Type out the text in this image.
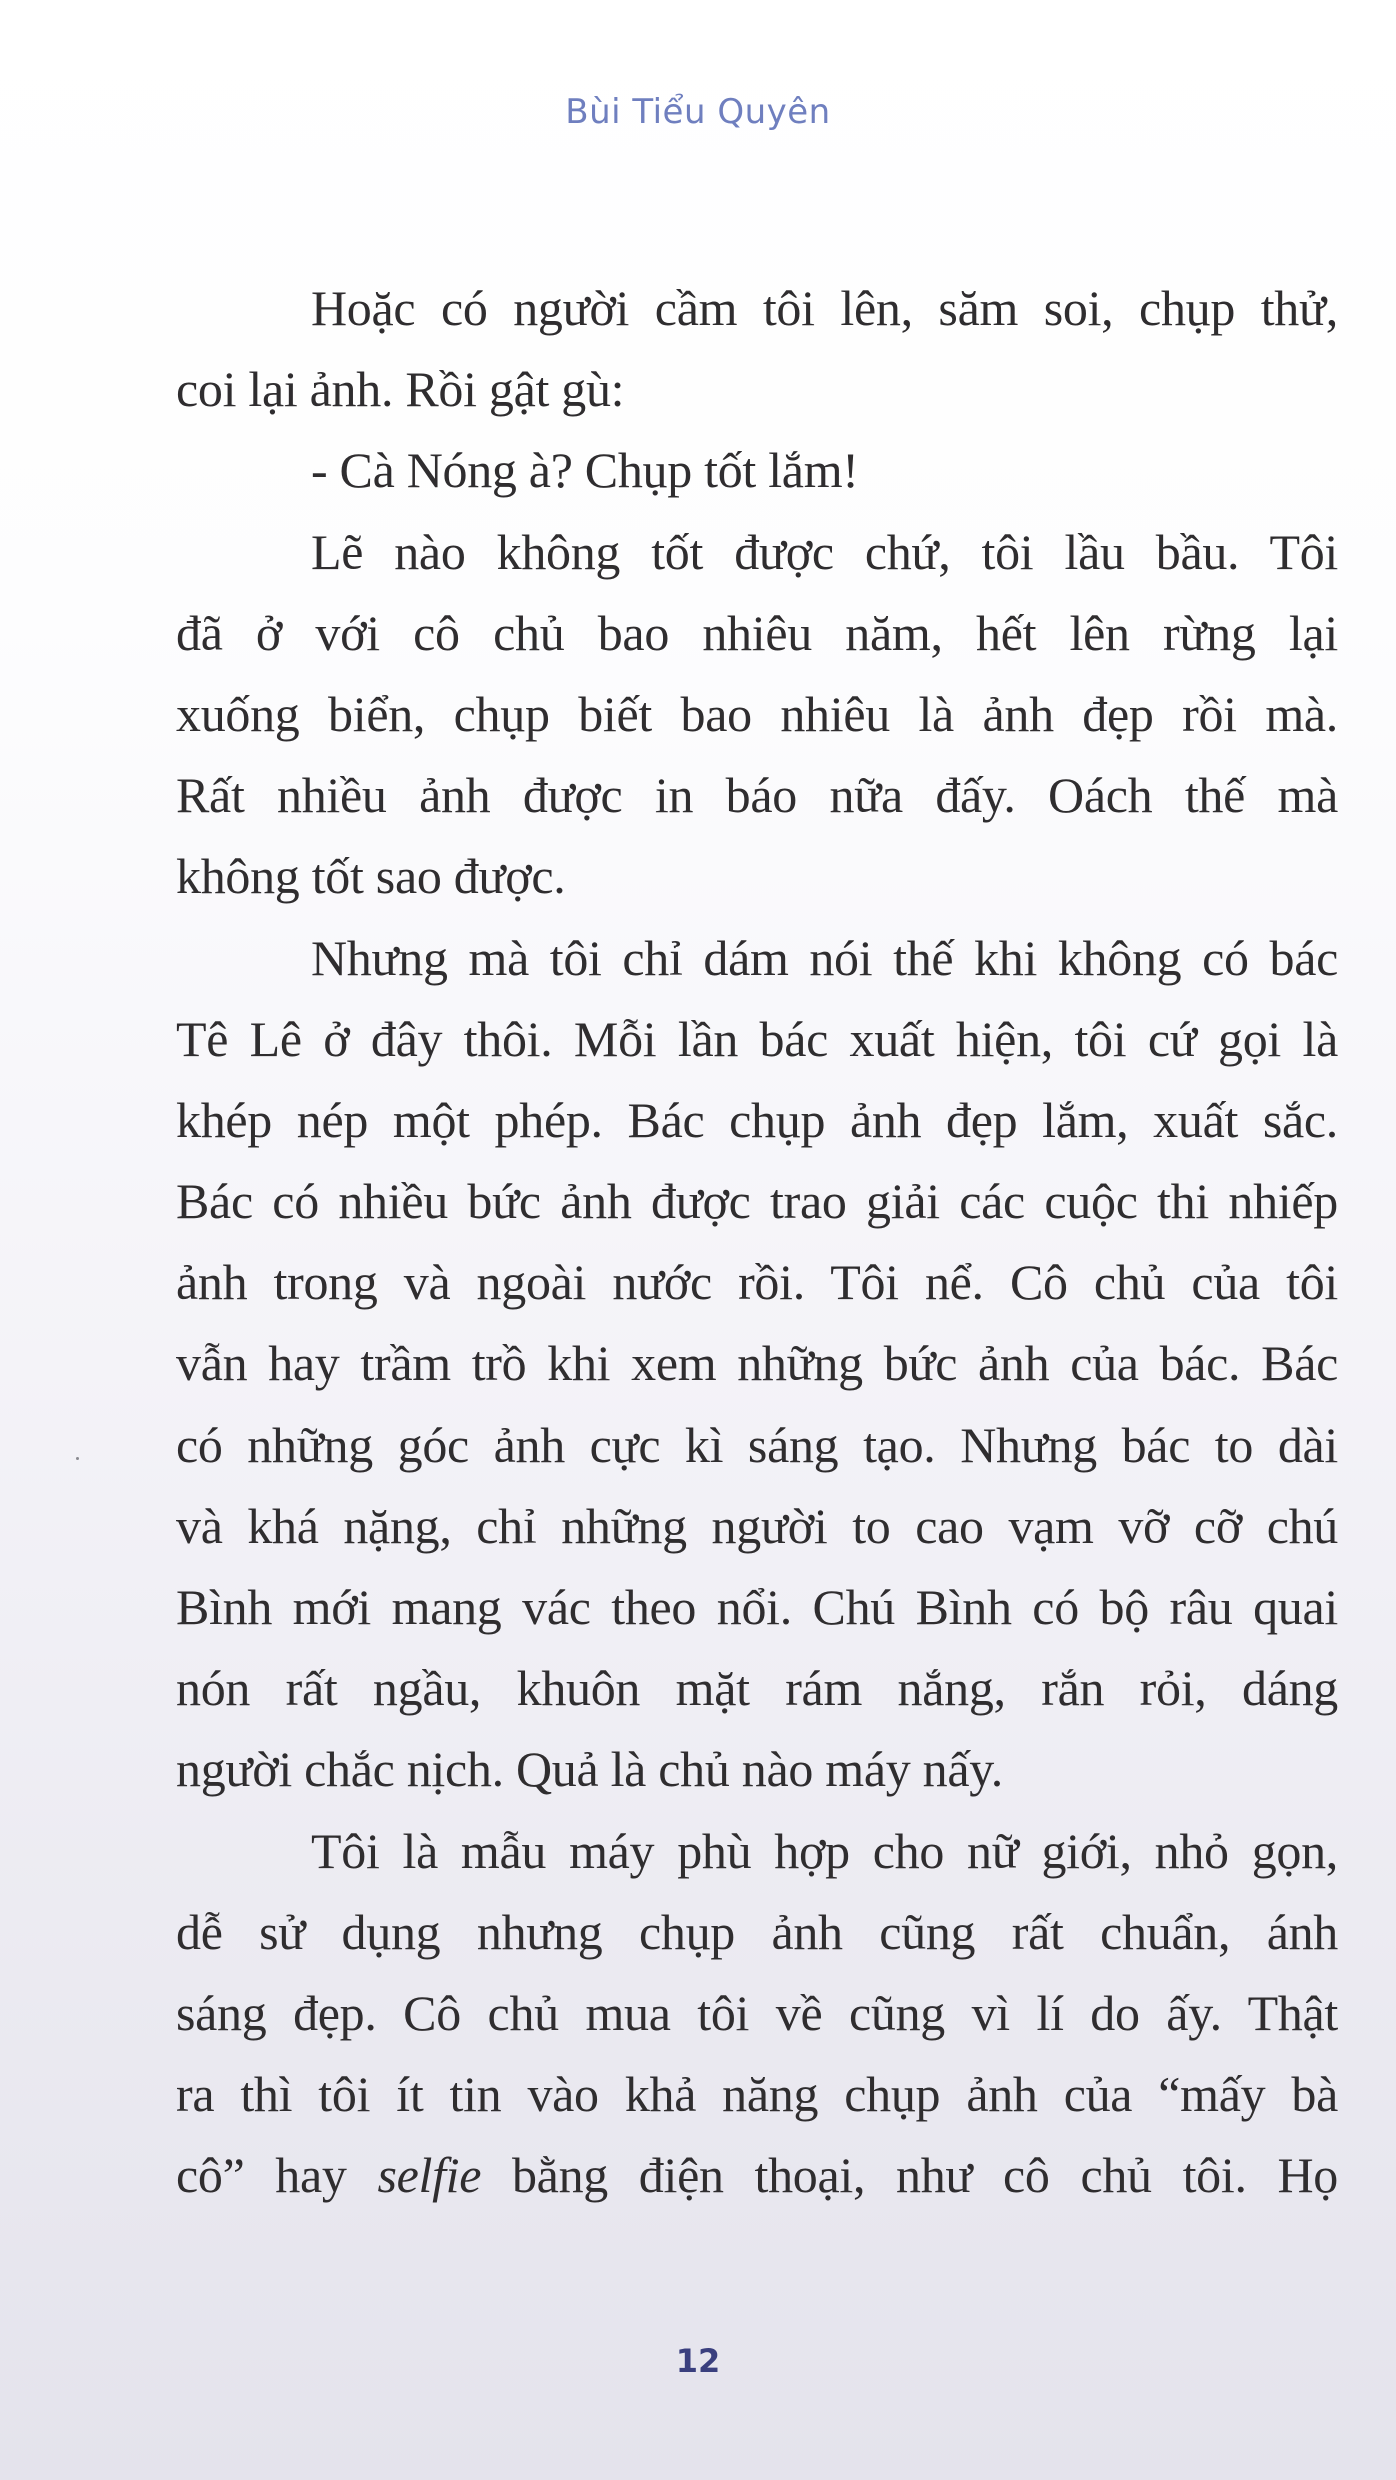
Bùi Tiểu Quyên
Hoặc có người cầm tôi lên, săm soi, chụp thử,
coi lại ảnh. Rồi gật gù:
- Cà Nóng à? Chụp tốt lắm!
Lẽ nào không tốt được chứ, tôi lầu bầu. Tôi
đã ở với cô chủ bao nhiêu năm, hết lên rừng lại
xuống biển, chụp biết bao nhiêu là ảnh đẹp rồi mà.
Rất nhiều ảnh được in báo nữa đấy. Oách thế mà
không tốt sao được.
Nhưng mà tôi chỉ dám nói thế khi không có bác
Tê Lê ở đây thôi. Mỗi lần bác xuất hiện, tôi cứ gọi là
khép nép một phép. Bác chụp ảnh đẹp lắm, xuất sắc.
Bác có nhiều bức ảnh được trao giải các cuộc thi nhiếp
ảnh trong và ngoài nước rồi. Tôi nể. Cô chủ của tôi
vẫn hay trầm trồ khi xem những bức ảnh của bác. Bác
có những góc ảnh cực kì sáng tạo. Nhưng bác to dài
và khá nặng, chỉ những người to cao vạm vỡ cỡ chú
Bình mới mang vác theo nổi. Chú Bình có bộ râu quai
nón rất ngầu, khuôn mặt rám nắng, rắn rỏi, dáng
người chắc nịch. Quả là chủ nào máy nấy.
Tôi là mẫu máy phù hợp cho nữ giới, nhỏ gọn,
dễ sử dụng nhưng chụp ảnh cũng rất chuẩn, ánh
sáng đẹp. Cô chủ mua tôi về cũng vì lí do ấy. Thật
ra thì tôi ít tin vào khả năng chụp ảnh của “mấy bà
cô” hay selfie bằng điện thoại, như cô chủ tôi. Họ
12
